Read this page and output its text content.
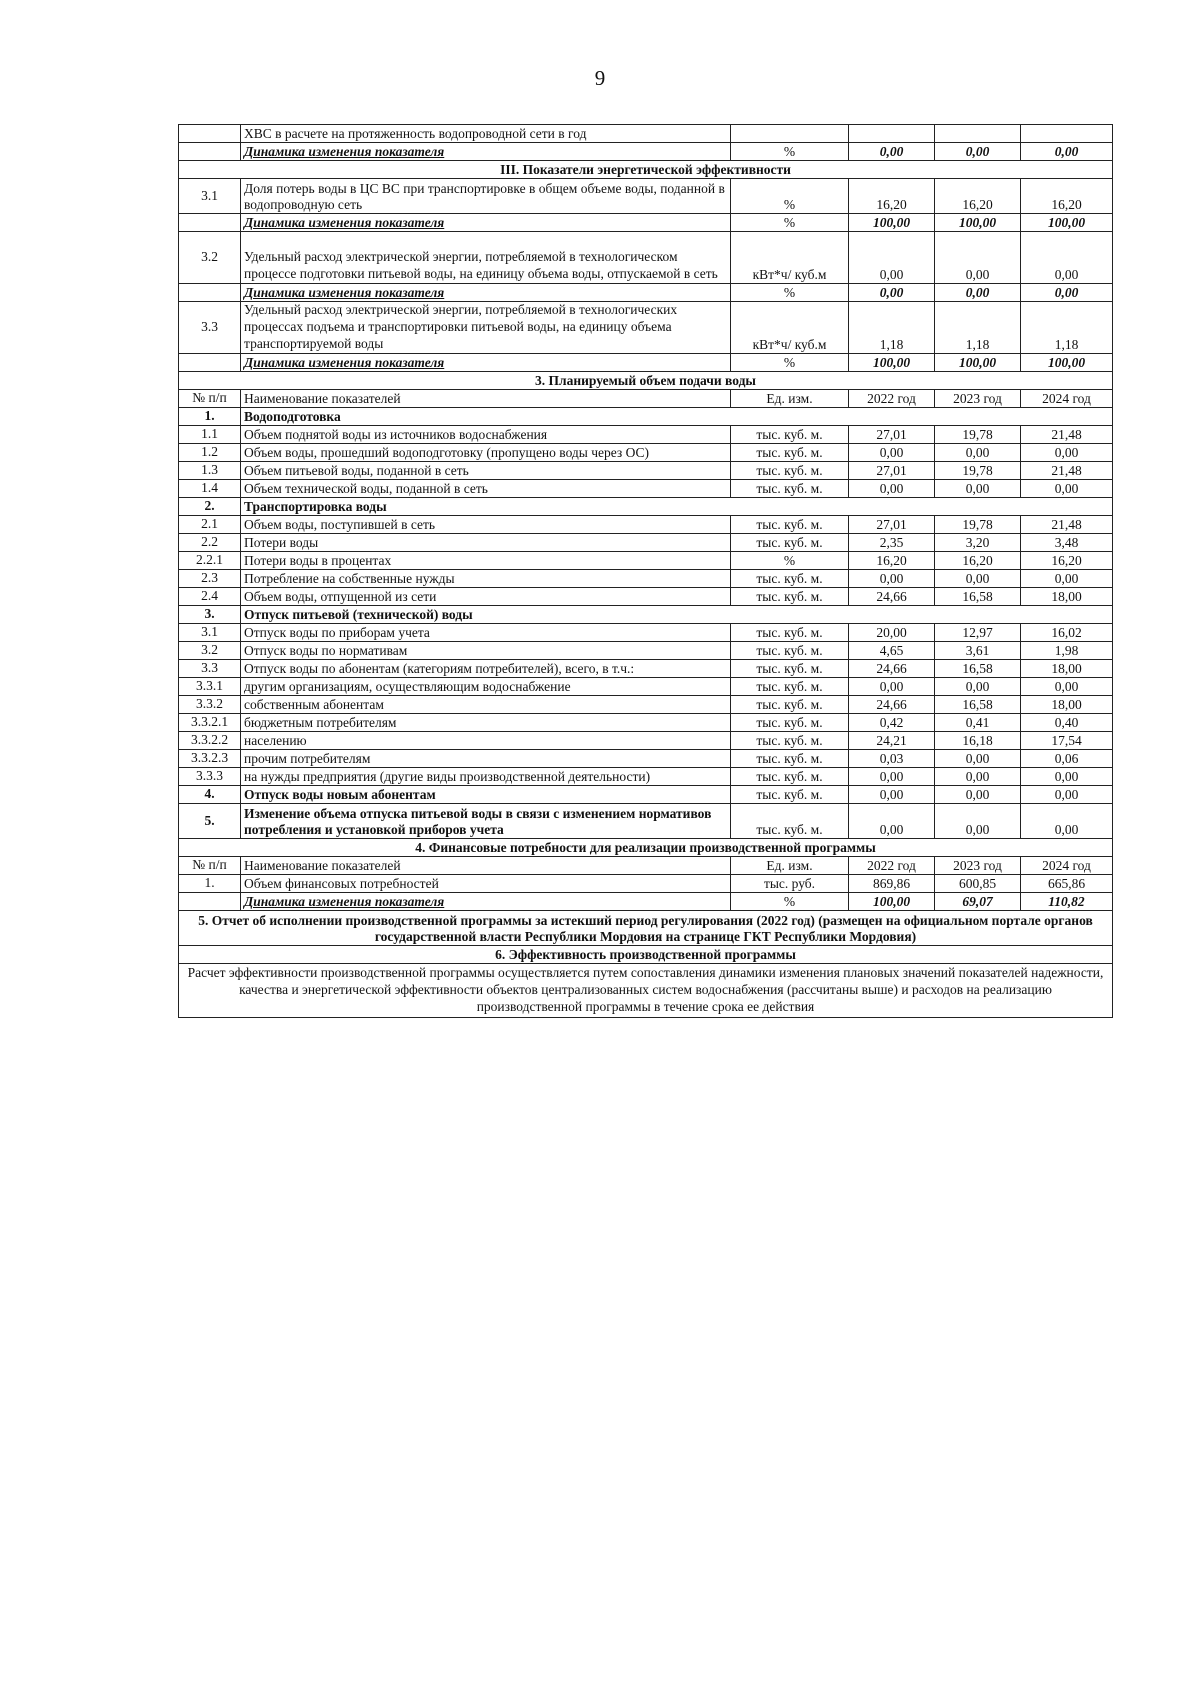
9
	ХВС в расчете на протяженность водопроводной сети в год				
	Динамика изменения показателя	%	0,00	0,00	0,00
III. Показатели энергетической эффективности					
3.1	Доля потерь воды в ЦС ВС при транспортировке в общем объеме воды, поданной в водопроводную сеть	%	16,20	16,20	16,20
	Динамика изменения показателя	%	100,00	100,00	100,00
3.2	Удельный расход электрической энергии, потребляемой в технологическом процессе подготовки питьевой воды, на единицу объема воды, отпускаемой в сеть	кВт*ч/ куб.м	0,00	0,00	0,00
	Динамика изменения показателя	%	0,00	0,00	0,00
3.3	Удельный расход электрической энергии, потребляемой в технологических процессах подъема и транспортировки питьевой воды, на единицу объема транспортируемой воды	кВт*ч/ куб.м	1,18	1,18	1,18
	Динамика изменения показателя	%	100,00	100,00	100,00
3. Планируемый объем подачи воды					
№ п/п	Наименование показателей	Ед. изм.	2022 год	2023 год	2024 год
1.	Водоподготовка				
1.1	Объем поднятой воды из источников водоснабжения	тыс. куб. м.	27,01	19,78	21,48
1.2	Объем воды, прошедший водоподготовку (пропущено воды через ОС)	тыс. куб. м.	0,00	0,00	0,00
1.3	Объем питьевой воды, поданной в сеть	тыс. куб. м.	27,01	19,78	21,48
1.4	Объем технической воды, поданной в сеть	тыс. куб. м.	0,00	0,00	0,00
2.	Транспортировка воды				
2.1	Объем воды, поступившей в сеть	тыс. куб. м.	27,01	19,78	21,48
2.2	Потери воды	тыс. куб. м.	2,35	3,20	3,48
2.2.1	Потери воды в процентах	%	16,20	16,20	16,20
2.3	Потребление на собственные нужды	тыс. куб. м.	0,00	0,00	0,00
2.4	Объем воды, отпущенной из сети	тыс. куб. м.	24,66	16,58	18,00
3.	Отпуск питьевой (технической) воды				
3.1	Отпуск воды по приборам учета	тыс. куб. м.	20,00	12,97	16,02
3.2	Отпуск воды по нормативам	тыс. куб. м.	4,65	3,61	1,98
3.3	Отпуск воды по абонентам (категориям потребителей), всего, в т.ч.:	тыс. куб. м.	24,66	16,58	18,00
3.3.1	другим организациям, осуществляющим водоснабжение	тыс. куб. м.	0,00	0,00	0,00
3.3.2	собственным абонентам	тыс. куб. м.	24,66	16,58	18,00
3.3.2.1	бюджетным потребителям	тыс. куб. м.	0,42	0,41	0,40
3.3.2.2	населению	тыс. куб. м.	24,21	16,18	17,54
3.3.2.3	прочим потребителям	тыс. куб. м.	0,03	0,00	0,06
3.3.3	на нужды предприятия (другие виды производственной деятельности)	тыс. куб. м.	0,00	0,00	0,00
4.	Отпуск воды новым абонентам	тыс. куб. м.	0,00	0,00	0,00
5.	Изменение объема отпуска питьевой воды в связи с изменением нормативов потребления и установкой приборов учета	тыс. куб. м.	0,00	0,00	0,00
4. Финансовые потребности для реализации производственной программы					
№ п/п	Наименование показателей	Ед. изм.	2022 год	2023 год	2024 год
1.	Объем финансовых потребностей	тыс. руб.	869,86	600,85	665,86
	Динамика изменения показателя	%	100,00	69,07	110,82
5. Отчет об исполнении производственной программы за истекший период регулирования (2022 год) (размещен на официальном портале органов государственной власти Республики Мордовия на странице ГКТ Республики Мордовия)					
6. Эффективность производственной программы					
Расчет эффективности производственной программы осуществляется путем сопоставления динамики изменения плановых значений показателей надежности, качества и энергетической эффективности объектов централизованных систем водоснабжения (рассчитаны выше) и расходов на реализацию производственной программы в течение срока ее действия					
